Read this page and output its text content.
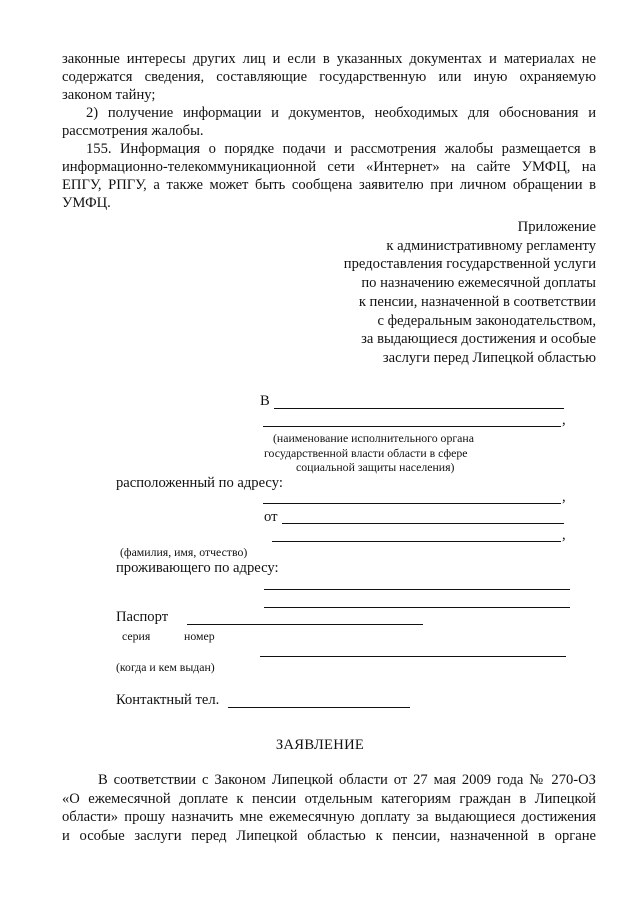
законные интересы других лиц и если в указанных документах и материалах не
содержатся сведения, составляющие государственную или иную охраняемую
законом тайну;
2) получение информации и документов, необходимых для обоснования и
рассмотрения жалобы.
155. Информация о порядке подачи и рассмотрения жалобы размещается в
информационно-телекоммуникационной сети «Интернет» на сайте УМФЦ, на
ЕПГУ, РПГУ, а также может быть сообщена заявителю при личном обращении в
УМФЦ.
Приложение
к административному регламенту
предоставления государственной услуги
по назначению ежемесячной доплаты
к пенсии, назначенной в соответствии
с федеральным законодательством,
за выдающиеся достижения и особые
заслуги перед Липецкой областью
В
,
(наименование исполнительного органа
государственной власти области в сфере
социальной защиты населения)
расположенный по адресу:
,
от
,
(фамилия, имя, отчество)
проживающего по адресу:
Паспорт
серия	номер
(когда и кем выдан)
Контактный тел.
ЗАЯВЛЕНИЕ
В соответствии с Законом Липецкой области от 27 мая 2009 года № 270-ОЗ
«О ежемесячной доплате к пенсии отдельным категориям граждан в Липецкой
области» прошу назначить мне ежемесячную доплату за выдающиеся достижения
и особые заслуги перед Липецкой областью к пенсии, назначенной в органе
